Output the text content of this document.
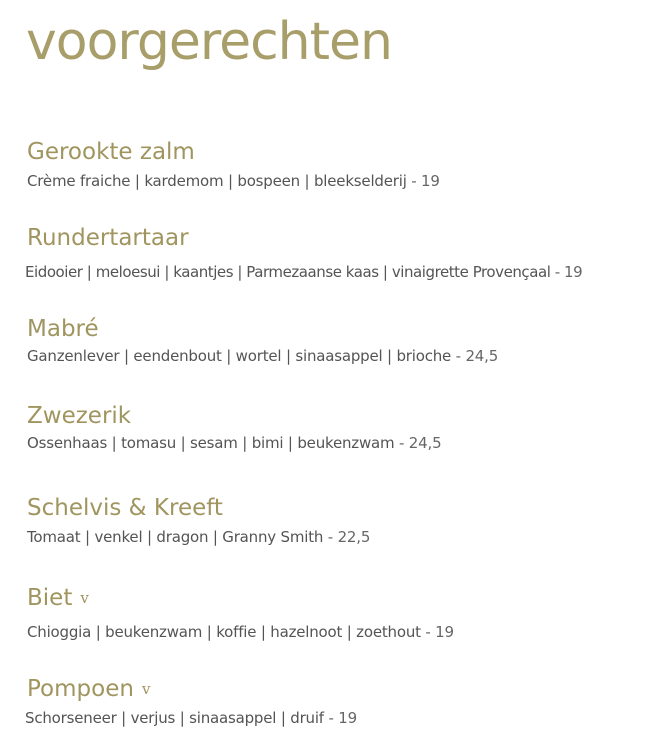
voorgerechten
Gerookte zalm
Crème fraiche | kardemom | bospeen | bleekselderij - 19
Rundertartaar
Eidooier | meloesui | kaantjes | Parmezaanse kaas | vinaigrette Provençaal - 19
Mabré
Ganzenlever | eendenbout | wortel | sinaasappel | brioche - 24,5
Zwezerik
Ossenhaas | tomasu | sesam | bimi | beukenzwam - 24,5
Schelvis & Kreeft
Tomaat | venkel | dragon | Granny Smith - 22,5
Biet v
Chioggia | beukenzwam | koffie | hazelnoot | zoethout - 19
Pompoen v
Schorseneer | verjus | sinaasappel | druif - 19
